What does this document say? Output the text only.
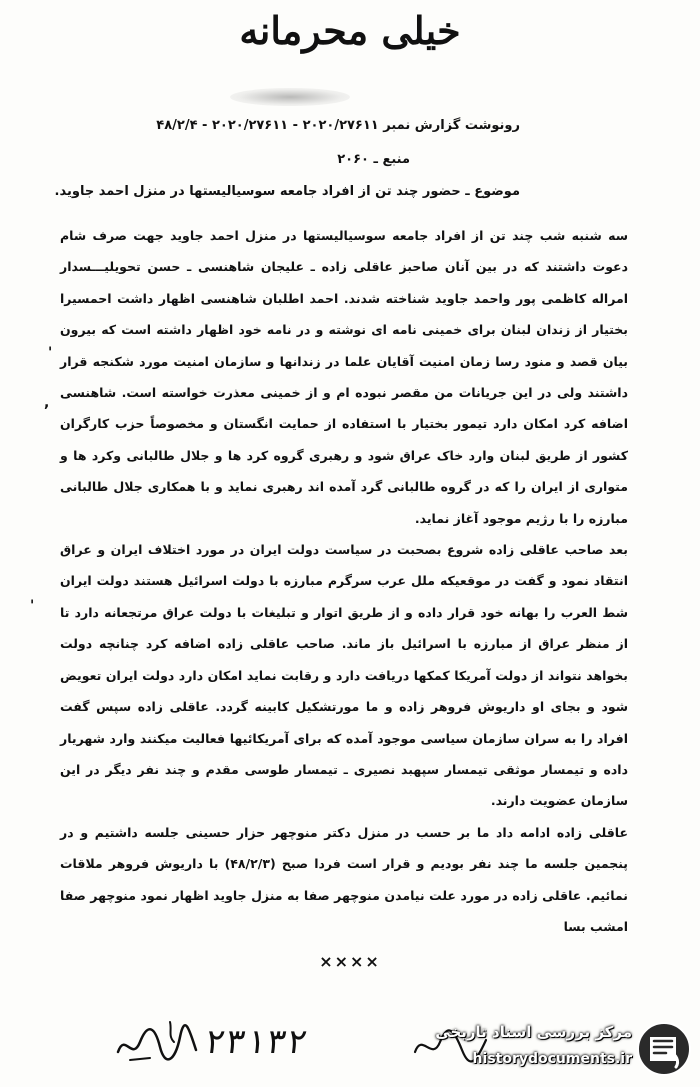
خیلی محرمانه
رونوشت گزارش نمبر ۲۰۲۰/۲۷۶۱۱ - ۲۰۲۰/۲۷۶۱۱ - ۴۸/۲/۴
منبع ـ ۲۰۶۰
موضوع ـ حضور چند تن از افراد جامعه سوسیالیستها در منزل احمد جاوید.

سه شنبه شب چند تن از افراد جامعه سوسیالیستها در منزل احمد جاوید جهت صرف شام دعوت داشتند که در بین آنان صاحبز عاقلی زاده ـ علیجان شاهنسی ـ حسن تحویلیـــسدار امراله کاظمی پور واحمد جاوید شناخته شدند. احمد اطلبان شاهنسی اظهار داشت احمسیرا بختیار از زندان لبنان برای خمینی نامه ای نوشته و در نامه خود اظهار داشته است که بیرون بیان قصد و منود رسا زمان امنیت آقایان علما در زندانها و سازمان امنیت مورد شکنجه قرار داشتند ولی در این جریانات من مقصر نبوده ام و از خمینی معذرت خواسته است. شاهنسی اضافه کرد امکان دارد تیمور بختیار با استفاده از حمایت انگستان و مخصوصاً حزب کارگران کشور از طریق لبنان وارد خاک عراق شود و رهبری گروه کرد ها و جلال طالبانی وکرد ها و متواری از ایران را که در گروه طالبانی گرد آمده اند رهبری نماید و با همکاری جلال طالبانی مبارزه را با رژیم موجود آغاز نماید.

بعد صاحب عاقلی زاده شروع بصحبت در سیاست دولت ایران در مورد اختلاف ایران و عراق انتقاد نمود و گفت در موقعیکه ملل عرب سرگرم مبارزه با دولت اسرائیل هستند دولت ایران شط العرب را بهانه خود قرار داده و از طریق اتوار و تبلیغات با دولت عراق مرتجعانه دارد تا از منظر عراق از مبارزه با اسرائیل باز ماند. صاحب عاقلی زاده اضافه کرد چنانچه دولت بخواهد نتواند از دولت آمریکا کمکها دریافت دارد و رقابت نماید امکان دارد دولت ایران تعویض شود و بجای او داریوش فروهر زاده و ما مورتشکیل کابینه گردد. عاقلی زاده سپس گفت افراد را به سران سازمان سیاسی موجود آمده که برای آمریکائیها فعالیت میکنند وارد شهریار داده و تیمسار موثقی تیمسار سپهبد نصیری ـ تیمسار طوسی مقدم و چند نفر دیگر در این سازمان عضویت دارند.

عاقلی زاده ادامه داد ما بر حسب در منزل دکتر منوچهر حزار حسینی جلسه داشتیم و در پنجمین جلسه ما چند نفر بودیم و قرار است فردا صبح (۴۸/۲/۳) با داریوش فروهر ملاقات نمائیم. عاقلی زاده در مورد علت نیامدن منوچهر صفا به منزل جاوید اظهار نمود منوچهر صفا امشب بسا

'
,
'
××××
۲۳۱۳۲	مرکز بررسی اسناد تاریخی
historydocuments.ir
